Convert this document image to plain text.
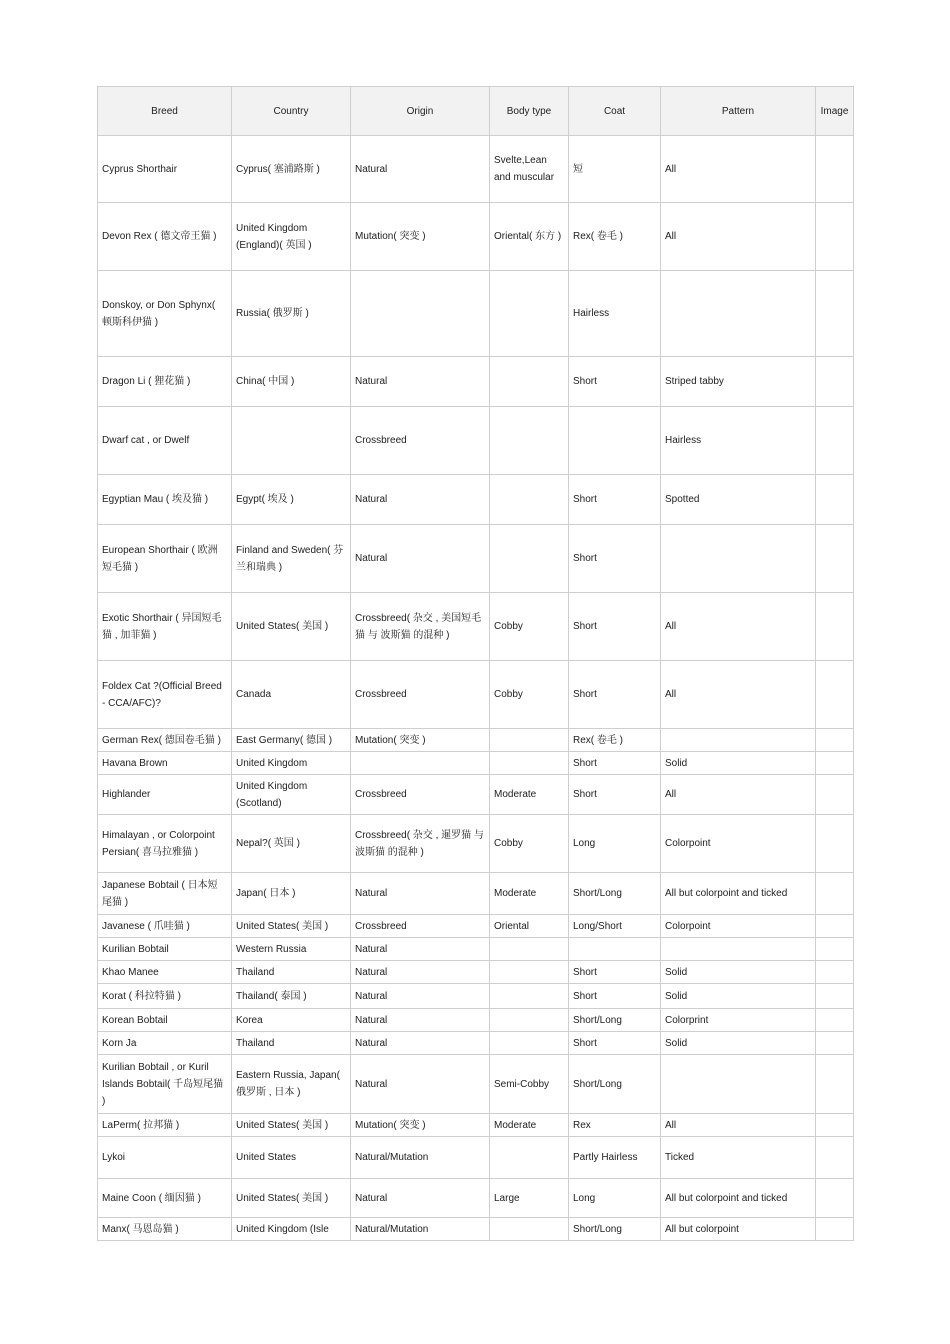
Breed	Country	Origin	Body type	Coat	Pattern	Image
Cyprus Shorthair	Cyprus( 塞浦路斯 )	Natural	Svelte,Lean and muscular	短	All	
Devon Rex ( 德文帝王猫 )	United Kingdom (England)( 英国 )	Mutation( 突变 )	Oriental( 东方 )	Rex( 卷毛 )	All	
Donskoy, or Don Sphynx( 顿斯科伊猫 )	Russia( 俄罗斯 )			Hairless		
Dragon Li ( 狸花猫 )	China( 中国 )	Natural		Short	Striped tabby	
Dwarf cat , or Dwelf		Crossbreed			Hairless	
Egyptian Mau ( 埃及猫 )	Egypt( 埃及 )	Natural		Short	Spotted	
European Shorthair ( 欧洲短毛猫 )	Finland and Sweden( 芬兰和瑞典 )	Natural		Short		
Exotic Shorthair ( 异国短毛猫 , 加菲猫 )	United States( 美国 )	Crossbreed( 杂交 , 美国短毛猫 与 波斯猫 的混种 )	Cobby	Short	All	
Foldex Cat ?(Official Breed - CCA/AFC)?	Canada	Crossbreed	Cobby	Short	All	
German Rex( 德国卷毛猫 )	East Germany( 德国 )	Mutation( 突变 )		Rex( 卷毛 )		
Havana Brown	United Kingdom			Short	Solid	
Highlander	United Kingdom (Scotland)	Crossbreed	Moderate	Short	All	
Himalayan , or Colorpoint Persian( 喜马拉雅猫 )	Nepal?( 英国 )	Crossbreed( 杂交 , 暹罗猫 与 波斯猫 的混种 )	Cobby	Long	Colorpoint	
Japanese Bobtail ( 日本短尾猫 )	Japan( 日本 )	Natural	Moderate	Short/Long	All but colorpoint and ticked	
Javanese ( 爪哇猫 )	United States( 美国 )	Crossbreed	Oriental	Long/Short	Colorpoint	
Kurilian Bobtail	Western Russia	Natural				
Khao Manee	Thailand	Natural		Short	Solid	
Korat ( 科拉特猫 )	Thailand( 泰国 )	Natural		Short	Solid	
Korean Bobtail	Korea	Natural		Short/Long	Colorprint	
Korn Ja	Thailand	Natural		Short	Solid	
Kurilian Bobtail , or Kuril Islands Bobtail( 千岛短尾猫 )	Eastern Russia, Japan( 俄罗斯 , 日本 )	Natural	Semi-Cobby	Short/Long		
LaPerm( 拉邦猫 )	United States( 美国 )	Mutation( 突变 )	Moderate	Rex	All	
Lykoi	United States	Natural/Mutation		Partly Hairless	Ticked	
Maine Coon ( 缅因猫 )	United States( 美国 )	Natural	Large	Long	All but colorpoint and ticked	
Manx( 马恩岛猫 )	United Kingdom (Isle	Natural/Mutation		Short/Long	All but colorpoint	
